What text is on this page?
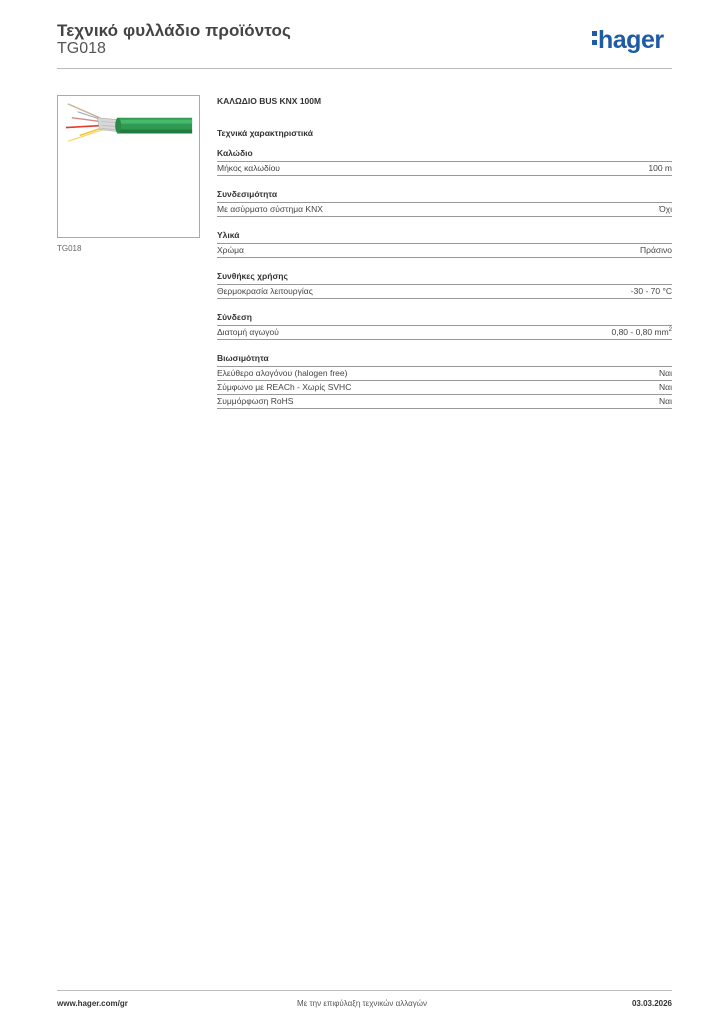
Τεχνικό φυλλάδιο προϊόντος
TG018	hager
TG018
ΚΑΛΩΔΙΟ BUS KNX 100M
Τεχνικά χαρακτηριστικά
Καλώδιο
Μήκος καλωδίου	100 m
Συνδεσιμότητα
Με ασύρματο σύστημα KNX	Όχι
Υλικά
Χρώμα	Πράσινο
Συνθήκες χρήσης
Θερμοκρασία λειτουργίας	-30 - 70 °C
Σύνδεση
Διατομή αγωγού	0,80 - 0,80 $mm^2$
Βιωσιμότητα
Ελεύθερο αλογόνου (halogen free)	Ναι
Σύμφωνο με REACh - Χωρίς SVHC	Ναι
Συμμόρφωση RoHS	Ναι
www.hager.com/gr	Με την επιφύλαξη τεχνικών αλλαγών	03.03.2026
